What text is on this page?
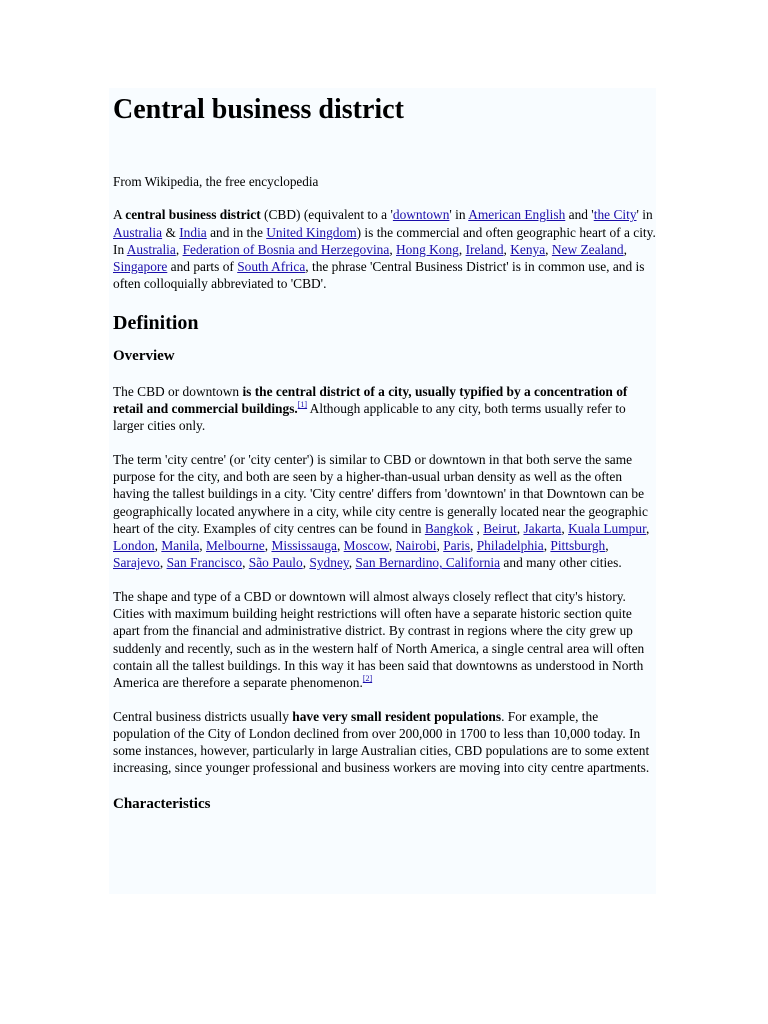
Central business district
From Wikipedia, the free encyclopedia

A central business district (CBD) (equivalent to a 'downtown' in American English and 'the City' in Australia & India and in the United Kingdom) is the commercial and often geographic heart of a city. In Australia, Federation of Bosnia and Herzegovina, Hong Kong, Ireland, Kenya, New Zealand, Singapore and parts of South Africa, the phrase 'Central Business District' is in common use, and is often colloquially abbreviated to 'CBD'.

Definition
Overview

The CBD or downtown is the central district of a city, usually typified by a concentration of retail and commercial buildings.[1] Although applicable to any city, both terms usually refer to larger cities only.

The term 'city centre' (or 'city center') is similar to CBD or downtown in that both serve the same purpose for the city, and both are seen by a higher-than-usual urban density as well as the often having the tallest buildings in a city. 'City centre' differs from 'downtown' in that Downtown can be geographically located anywhere in a city, while city centre is generally located near the geographic heart of the city. Examples of city centres can be found in Bangkok , Beirut, Jakarta, Kuala Lumpur, London, Manila, Melbourne, Mississauga, Moscow, Nairobi, Paris, Philadelphia, Pittsburgh, Sarajevo, San Francisco, São Paulo, Sydney, San Bernardino, California and many other cities.

The shape and type of a CBD or downtown will almost always closely reflect that city's history. Cities with maximum building height restrictions will often have a separate historic section quite apart from the financial and administrative district. By contrast in regions where the city grew up suddenly and recently, such as in the western half of North America, a single central area will often contain all the tallest buildings. In this way it has been said that downtowns as understood in North America are therefore a separate phenomenon.[2]

Central business districts usually have very small resident populations. For example, the population of the City of London declined from over 200,000 in 1700 to less than 10,000 today. In some instances, however, particularly in large Australian cities, CBD populations are to some extent increasing, since younger professional and business workers are moving into city centre apartments.

Characteristics
